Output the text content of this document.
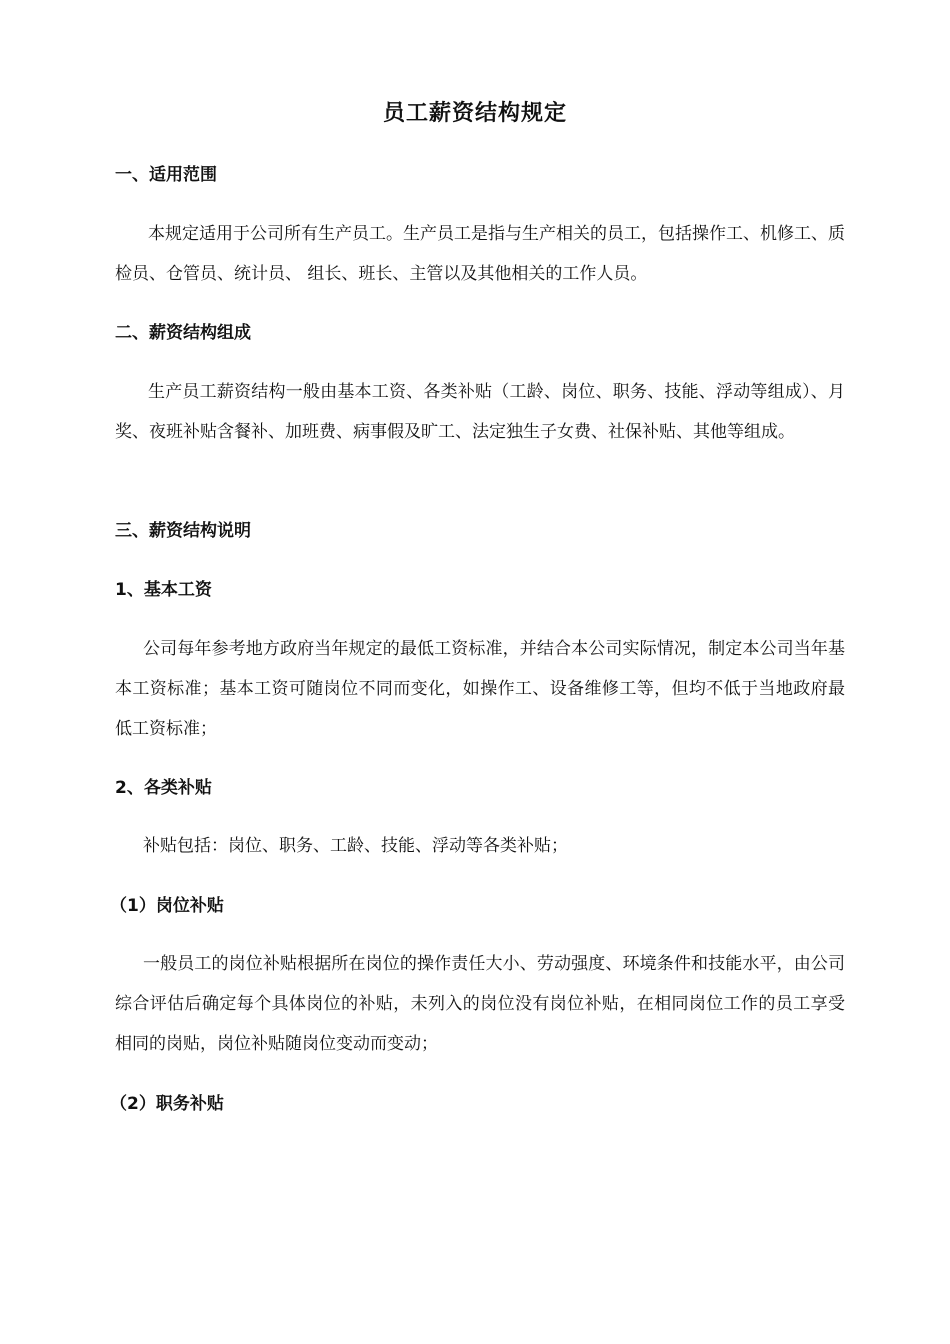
员工薪资结构规定
一、适用范围

本规定适用于公司所有生产员工。生产员工是指与生产相关的员工，包括操作工、机修工、质检员、仓管员、统计员、 组长、班长、主管以及其他相关的工作人员。

二、薪资结构组成

生产员工薪资结构一般由基本工资、各类补贴（工龄、岗位、职务、技能、浮动等组成）、月奖、夜班补贴含餐补、加班费、病事假及旷工、法定独生子女费、社保补贴、其他等组成。

三、薪资结构说明
1、基本工资

公司每年参考地方政府当年规定的最低工资标准，并结合本公司实际情况，制定本公司当年基本工资标准；基本工资可随岗位不同而变化，如操作工、设备维修工等，但均不低于当地政府最低工资标准；

2、各类补贴

补贴包括：岗位、职务、工龄、技能、浮动等各类补贴；

（1）岗位补贴

一般员工的岗位补贴根据所在岗位的操作责任大小、劳动强度、环境条件和技能水平，由公司综合评估后确定每个具体岗位的补贴，未列入的岗位没有岗位补贴，在相同岗位工作的员工享受相同的岗贴，岗位补贴随岗位变动而变动；

（2）职务补贴
